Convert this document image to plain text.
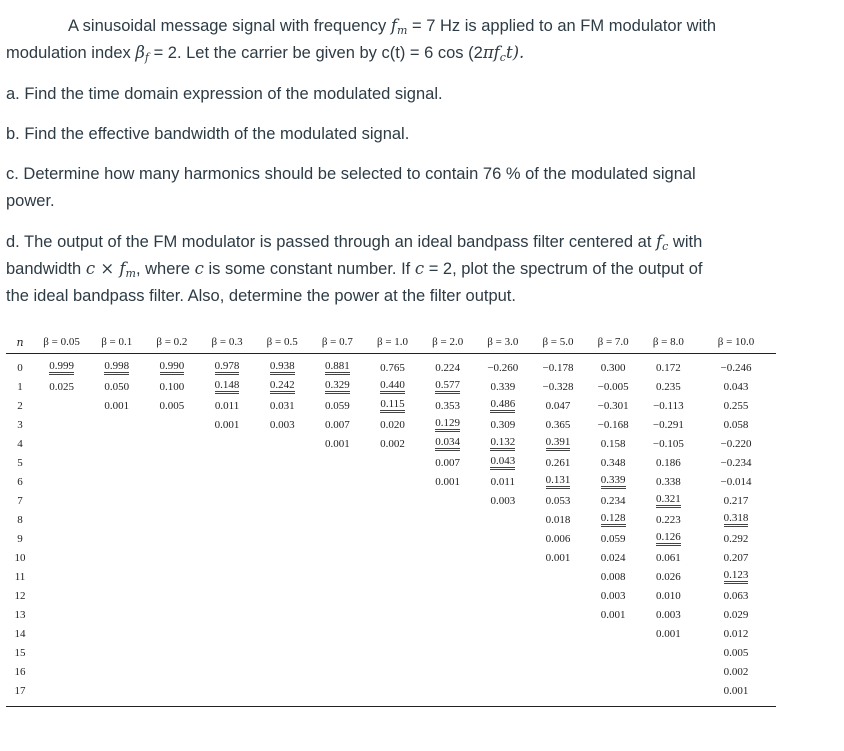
A sinusoidal message signal with frequency $f_m = 7$ Hz is applied to an FM modulator with

modulation index $\beta_f = 2$. Let the carrier be given by c(t) = 6 $\cos (2\pi f_ct)$.

a. Find the time domain expression of the modulated signal.

b. Find the effective bandwidth of the modulated signal.

c. Determine how many harmonics should be selected to contain 76 % of the modulated signal

power.

d. The output of the FM modulator is passed through an ideal bandpass filter centered at $f_c$ with

bandwidth $c \times f_m$, where c is some constant number. If c = 2, plot the spectrum of the output of

the ideal bandpass filter. Also, determine the power at the filter output.

n	β = 0.05	β = 0.1	β = 0.2	β = 0.3	β = 0.5	β = 0.7	β = 1.0	β = 2.0	β = 3.0	β = 5.0	β = 7.0	β = 8.0	β = 10.0
0	0.999	0.998	0.990	0.978	0.938	0.881	0.765	0.224	−0.260	−0.178	0.300	0.172	−0.246
1	0.025	0.050	0.100	0.148	0.242	0.329	0.440	0.577	0.339	−0.328	−0.005	0.235	0.043
2		0.001	0.005	0.011	0.031	0.059	0.115	0.353	0.486	0.047	−0.301	−0.113	0.255
3				0.001	0.003	0.007	0.020	0.129	0.309	0.365	−0.168	−0.291	0.058
4						0.001	0.002	0.034	0.132	0.391	0.158	−0.105	−0.220
5								0.007	0.043	0.261	0.348	0.186	−0.234
6								0.001	0.011	0.131	0.339	0.338	−0.014
7									0.003	0.053	0.234	0.321	0.217
8										0.018	0.128	0.223	0.318
9										0.006	0.059	0.126	0.292
10										0.001	0.024	0.061	0.207
11											0.008	0.026	0.123
12											0.003	0.010	0.063
13											0.001	0.003	0.029
14												0.001	0.012
15													0.005
16													0.002
17													0.001
